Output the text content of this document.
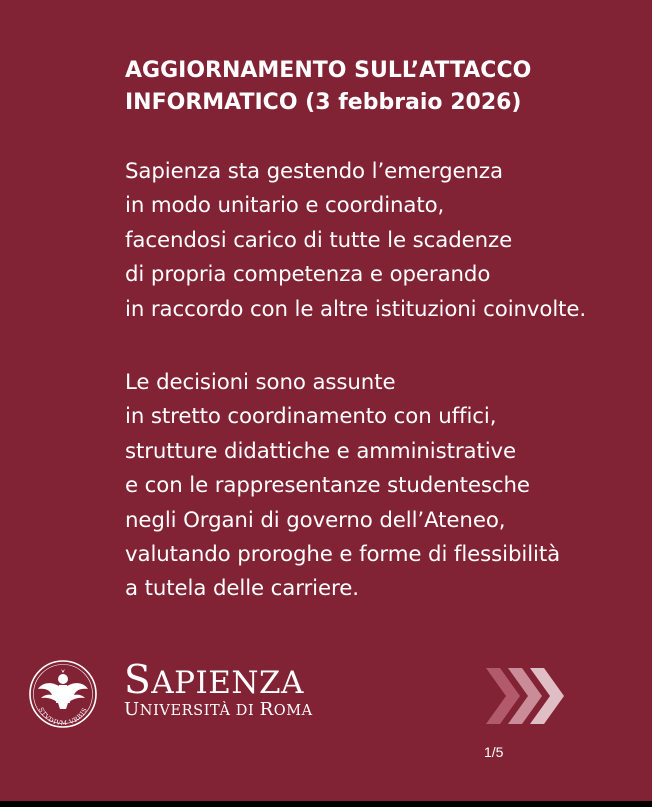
AGGIORNAMENTO SULL’ATTACCO
INFORMATICO (3 febbraio 2026)

Sapienza sta gestendo l’emergenza
in modo unitario e coordinato,
facendosi carico di tutte le scadenze
di propria competenza e operando
in raccordo con le altre istituzioni coinvolte.

Le decisioni sono assunte
in stretto coordinamento con uffici,
strutture didattiche e amministrative
e con le rappresentanze studentesche
negli Organi di governo dell’Ateneo,
valutando proroghe e forme di flessibilità
a tutela delle carriere.

STVDIVM VRBIS
SAPIENZA
UNIVERSITÀ DI ROMA
1/5
